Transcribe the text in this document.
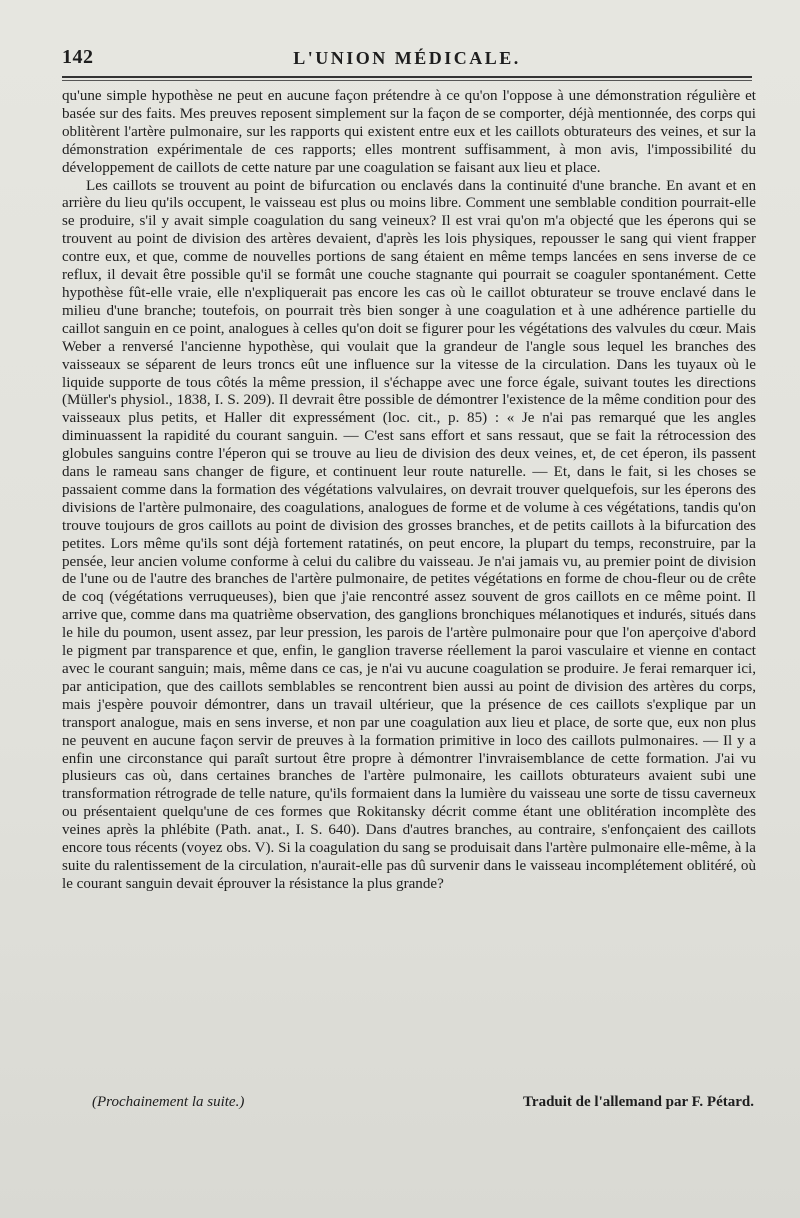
142	L'UNION MÉDICALE.

qu'une simple hypothèse ne peut en aucune façon prétendre à ce qu'on l'oppose à une démonstration régulière et basée sur des faits. Mes preuves reposent simplement sur la façon de se comporter, déjà mentionnée, des corps qui oblitèrent l'artère pulmonaire, sur les rapports qui existent entre eux et les caillots obturateurs des veines, et sur la démonstration expérimentale de ces rapports; elles montrent suffisamment, à mon avis, l'impossibilité du développement de caillots de cette nature par une coagulation se faisant aux lieu et place.

Les caillots se trouvent au point de bifurcation ou enclavés dans la continuité d'une branche. En avant et en arrière du lieu qu'ils occupent, le vaisseau est plus ou moins libre. Comment une semblable condition pourrait-elle se produire, s'il y avait simple coagulation du sang veineux? Il est vrai qu'on m'a objecté que les éperons qui se trouvent au point de division des artères devaient, d'après les lois physiques, repousser le sang qui vient frapper contre eux, et que, comme de nouvelles portions de sang étaient en même temps lancées en sens inverse de ce reflux, il devait être possible qu'il se formât une couche stagnante qui pourrait se coaguler spontanément. Cette hypothèse fût-elle vraie, elle n'expliquerait pas encore les cas où le caillot obturateur se trouve enclavé dans le milieu d'une branche; toutefois, on pourrait très bien songer à une coagulation et à une adhérence partielle du caillot sanguin en ce point, analogues à celles qu'on doit se figurer pour les végétations des valvules du cœur. Mais Weber a renversé l'ancienne hypothèse, qui voulait que la grandeur de l'angle sous lequel les branches des vaisseaux se séparent de leurs troncs eût une influence sur la vitesse de la circulation. Dans les tuyaux où le liquide supporte de tous côtés la même pression, il s'échappe avec une force égale, suivant toutes les directions (Müller's physiol., 1838, I. S. 209). Il devrait être possible de démontrer l'existence de la même condition pour des vaisseaux plus petits, et Haller dit expressément (loc. cit., p. 85) : « Je n'ai pas remarqué que les angles diminuassent la rapidité du courant sanguin. — C'est sans effort et sans ressaut, que se fait la rétrocession des globules sanguins contre l'éperon qui se trouve au lieu de division des deux veines, et, de cet éperon, ils passent dans le rameau sans changer de figure, et continuent leur route naturelle. — Et, dans le fait, si les choses se passaient comme dans la formation des végétations valvulaires, on devrait trouver quelquefois, sur les éperons des divisions de l'artère pulmonaire, des coagulations, analogues de forme et de volume à ces végétations, tandis qu'on trouve toujours de gros caillots au point de division des grosses branches, et de petits caillots à la bifurcation des petites. Lors même qu'ils sont déjà fortement ratatinés, on peut encore, la plupart du temps, reconstruire, par la pensée, leur ancien volume conforme à celui du calibre du vaisseau. Je n'ai jamais vu, au premier point de division de l'une ou de l'autre des branches de l'artère pulmonaire, de petites végétations en forme de chou-fleur ou de crête de coq (végétations verruqueuses), bien que j'aie rencontré assez souvent de gros caillots en ce même point. Il arrive que, comme dans ma quatrième observation, des ganglions bronchiques mélanotiques et indurés, situés dans le hile du poumon, usent assez, par leur pression, les parois de l'artère pulmonaire pour que l'on aperçoive d'abord le pigment par transparence et que, enfin, le ganglion traverse réellement la paroi vasculaire et vienne en contact avec le courant sanguin; mais, même dans ce cas, je n'ai vu aucune coagulation se produire. Je ferai remarquer ici, par anticipation, que des caillots semblables se rencontrent bien aussi au point de division des artères du corps, mais j'espère pouvoir démontrer, dans un travail ultérieur, que la présence de ces caillots s'explique par un transport analogue, mais en sens inverse, et non par une coagulation aux lieu et place, de sorte que, eux non plus ne peuvent en aucune façon servir de preuves à la formation primitive in loco des caillots pulmonaires. — Il y a enfin une circonstance qui paraît surtout être propre à démontrer l'invraisemblance de cette formation. J'ai vu plusieurs cas où, dans certaines branches de l'artère pulmonaire, les caillots obturateurs avaient subi une transformation rétrograde de telle nature, qu'ils formaient dans la lumière du vaisseau une sorte de tissu caverneux ou présentaient quelqu'une de ces formes que Rokitansky décrit comme étant une oblitération incomplète des veines après la phlébite (Path. anat., I. S. 640). Dans d'autres branches, au contraire, s'enfonçaient des caillots encore tous récents (voyez obs. V). Si la coagulation du sang se produisait dans l'artère pulmonaire elle-même, à la suite du ralentissement de la circulation, n'aurait-elle pas dû survenir dans le vaisseau incomplétement oblitéré, où le courant sanguin devait éprouver la résistance la plus grande?

(Prochainement la suite.)	Traduit de l'allemand par F. Pétard.
